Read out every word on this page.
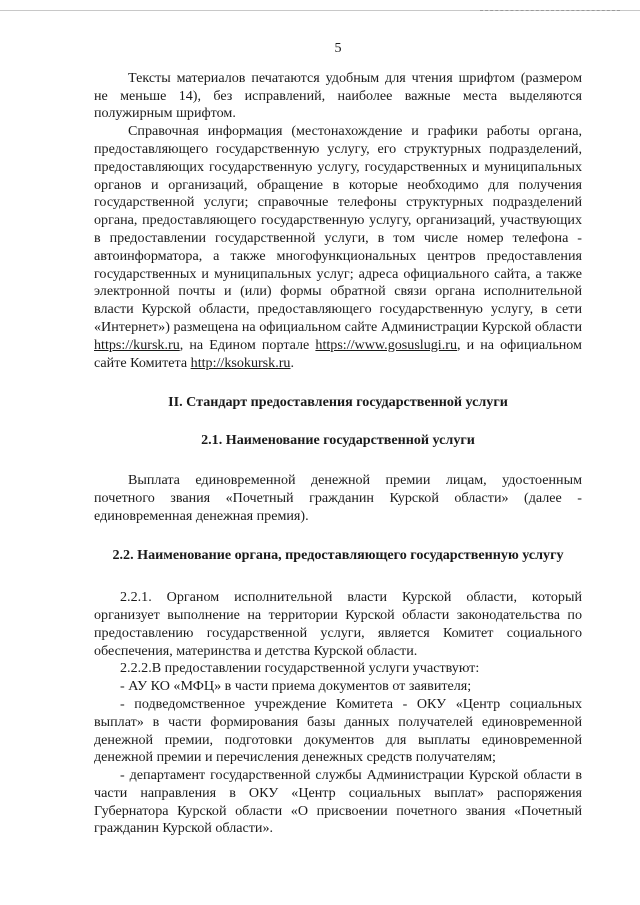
5

Тексты материалов печатаются удобным для чтения шрифтом (размером не меньше 14), без исправлений, наиболее важные места выделяются полужирным шрифтом.

Справочная информация (местонахождение и графики работы органа, предоставляющего государственную услугу, его структурных подразделений, предоставляющих государственную услугу, государственных и муниципальных органов и организаций, обращение в которые необходимо для получения государственной услуги; справочные телефоны структурных подразделений органа, предоставляющего государственную услугу, организаций, участвующих в предоставлении государственной услуги, в том числе номер телефона - автоинформатора, а также многофункциональных центров предоставления государственных и муниципальных услуг; адреса официального сайта, а также электронной почты и (или) формы обратной связи органа исполнительной власти Курской области, предоставляющего государственную услугу, в сети «Интернет») размещена на официальном сайте Администрации Курской области https://kursk.ru, на Едином портале https://www.gosuslugi.ru, и на официальном сайте Комитета http://ksokursk.ru.

II. Стандарт предоставления государственной услуги
2.1. Наименование государственной услуги

Выплата единовременной денежной премии лицам, удостоенным почетного звания «Почетный гражданин Курской области» (далее - единовременная денежная премия).

2.2. Наименование органа, предоставляющего государственную услугу

2.2.1. Органом исполнительной власти Курской области, который организует выполнение на территории Курской области законодательства по предоставлению государственной услуги, является Комитет социального обеспечения, материнства и детства Курской области.

2.2.2.В предоставлении государственной услуги участвуют:

- АУ КО «МФЦ» в части приема документов от заявителя;

- подведомственное учреждение Комитета - ОКУ «Центр социальных выплат» в части формирования базы данных получателей единовременной денежной премии, подготовки документов для выплаты единовременной денежной премии и перечисления денежных средств получателям;

- департамент государственной службы Администрации Курской области в части направления в ОКУ «Центр социальных выплат» распоряжения Губернатора Курской области «О присвоении почетного звания «Почетный гражданин Курской области».
